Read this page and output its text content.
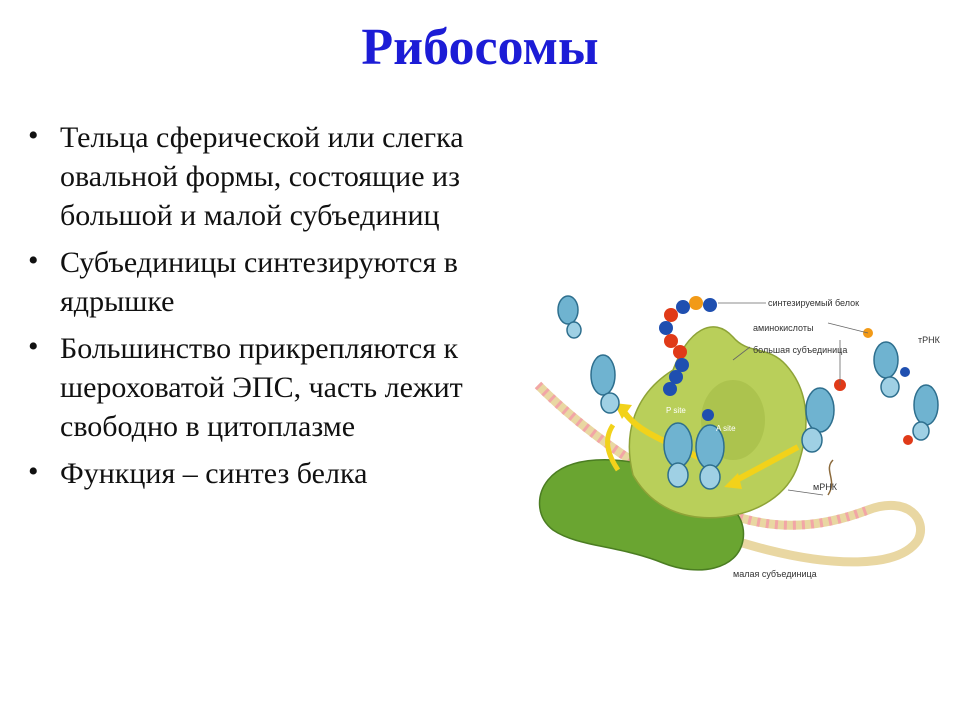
Рибосомы
• Тельца сферической или слегка овальной формы, состоящие из большой и малой субъединиц
• Субъединицы синтезируются в ядрышке
• Большинство прикрепляются к шероховатой ЭПС, часть лежит свободно в цитоплазме
• Функция – синтез белка
синтезируемый белок
аминокислоты
большая субъединица
тРНК
P site
A site
мРНК
малая субъединица
